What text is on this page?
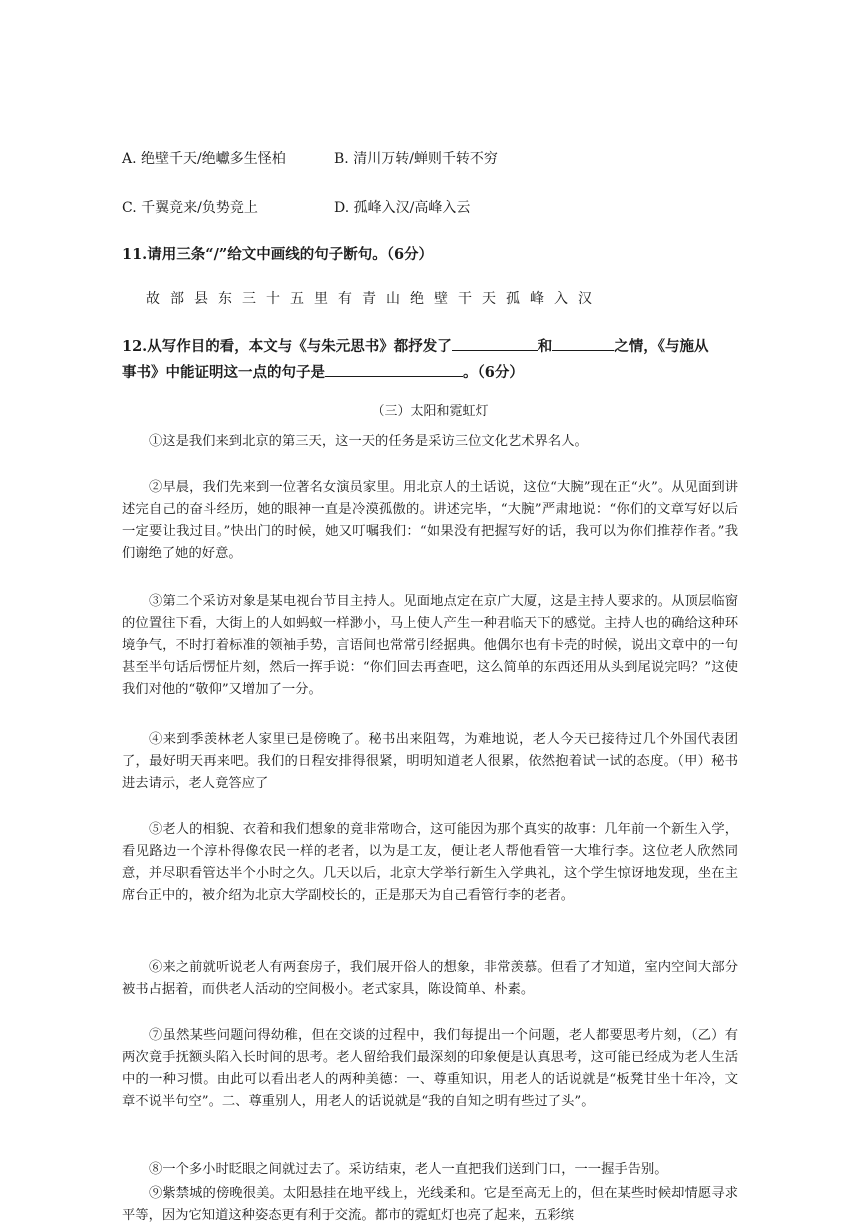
A. 绝壁千天/绝巘多生怪柏	B. 清川万转/蝉则千转不穷
C. 千翼竞来/负势竞上	D. 孤峰入汉/高峰入云
11.请用三条“/”给文中画线的句子断句。（6分）
故部县东三十五里有青山绝壁干天孤峰入汉
12.从写作目的看，本文与《与朱元思书》都抒发了	和	之情，《与施从
事书》中能证明这一点的句子是	。（6分）
（三）太阳和霓虹灯

①这是我们来到北京的第三天，这一天的任务是采访三位文化艺术界名人。

②早晨，我们先来到一位著名女演员家里。用北京人的土话说，这位“大腕”现在正“火”。从见面到讲述完自己的奋斗经历，她的眼神一直是冷漠孤傲的。讲述完毕，“大腕”严肃地说：“你们的文章写好以后一定要让我过目。”快出门的时候，她又叮嘱我们：“如果没有把握写好的话，我可以为你们推荐作者。”我们谢绝了她的好意。

③第二个采访对象是某电视台节目主持人。见面地点定在京广大厦，这是主持人要求的。从顶层临窗的位置往下看，大街上的人如蚂蚁一样渺小，马上使人产生一种君临天下的感觉。主持人也的确给这种环境争气，不时打着标准的领袖手势，言语间也常常引经据典。他偶尔也有卡壳的时候，说出文章中的一句甚至半句话后愣怔片刻，然后一挥手说：“你们回去再查吧，这么简单的东西还用从头到尾说完吗？”这使我们对他的“敬仰”又增加了一分。

④来到季羡林老人家里已是傍晚了。秘书出来阻驾，为难地说，老人今天已接待过几个外国代表团了，最好明天再来吧。我们的日程安排得很紧，明明知道老人很累，依然抱着试一试的态度。（甲）秘书进去请示，老人竟答应了

⑤老人的相貌、衣着和我们想象的竟非常吻合，这可能因为那个真实的故事：几年前一个新生入学，看见路边一个淳朴得像农民一样的老者，以为是工友，便让老人帮他看管一大堆行李。这位老人欣然同意，并尽职看管达半个小时之久。几天以后，北京大学举行新生入学典礼，这个学生惊讶地发现，坐在主席台正中的，被介绍为北京大学副校长的，正是那天为自己看管行李的老者。

⑥来之前就听说老人有两套房子，我们展开俗人的想象，非常羡慕。但看了才知道，室内空间大部分被书占据着，而供老人活动的空间极小。老式家具，陈设简单、朴素。

⑦虽然某些问题问得幼稚，但在交谈的过程中，我们每提出一个问题，老人都要思考片刻，（乙）有两次竟手抚额头陷入长时间的思考。老人留给我们最深刻的印象便是认真思考，这可能已经成为老人生活中的一种习惯。由此可以看出老人的两种美德：一、尊重知识，用老人的话说就是“板凳甘坐十年冷，文章不说半句空”。二、尊重别人，用老人的话说就是“我的自知之明有些过了头”。

⑧一个多小时眨眼之间就过去了。采访结束，老人一直把我们送到门口，一一握手告别。

⑨紫禁城的傍晚很美。太阳悬挂在地平线上，光线柔和。它是至高无上的，但在某些时候却情愿寻求平等，因为它知道这种姿态更有利于交流。都市的霓虹灯也亮了起来，五彩缤
